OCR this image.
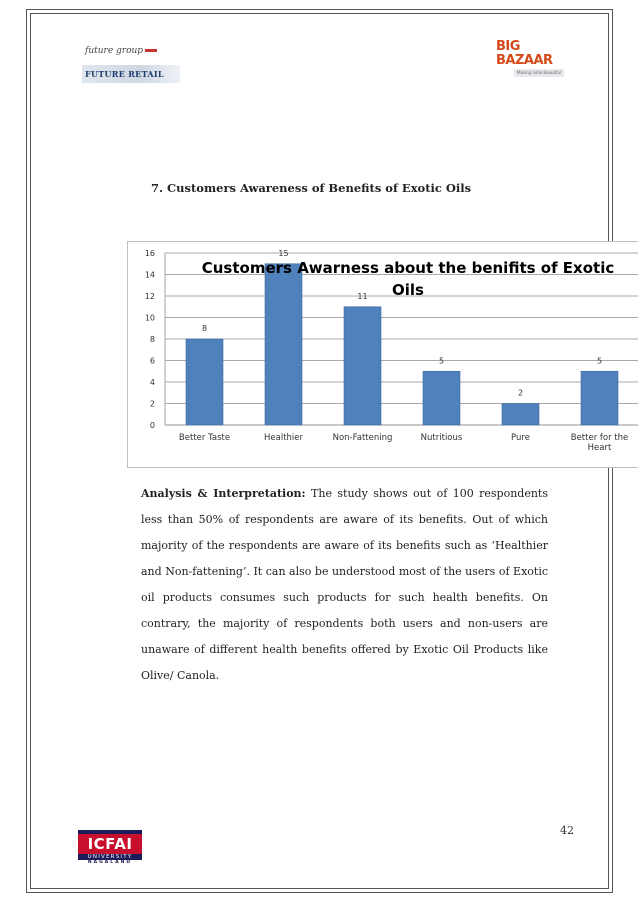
future group
FUTURE RETAIL
BIG BAZAAR
Making India Beautiful
7. Customers Awareness of Benefits of Exotic Oils
0
2
4
6
8
10
12
14
16
8
Better Taste
15
Healthier
11
Non-Fattening
5
Nutritious
2
Pure
5
Better for the
Heart
Customers Awarness about the benifits of Exotic
Oils
Analysis & Interpretation: The study shows out of 100 respondents less than 50% of respondents are aware of its benefits. Out of which majority of the respondents are aware of its benefits such as ‘Healthier and Non-fattening’. It can also be understood most of the users of Exotic oil products consumes such products for such health benefits. On contrary, the majority of respondents both users and non-users are unaware of different health benefits offered by Exotic Oil Products like Olive/ Canola.
42
ICFAI
UNIVERSITY
NAGALAND
